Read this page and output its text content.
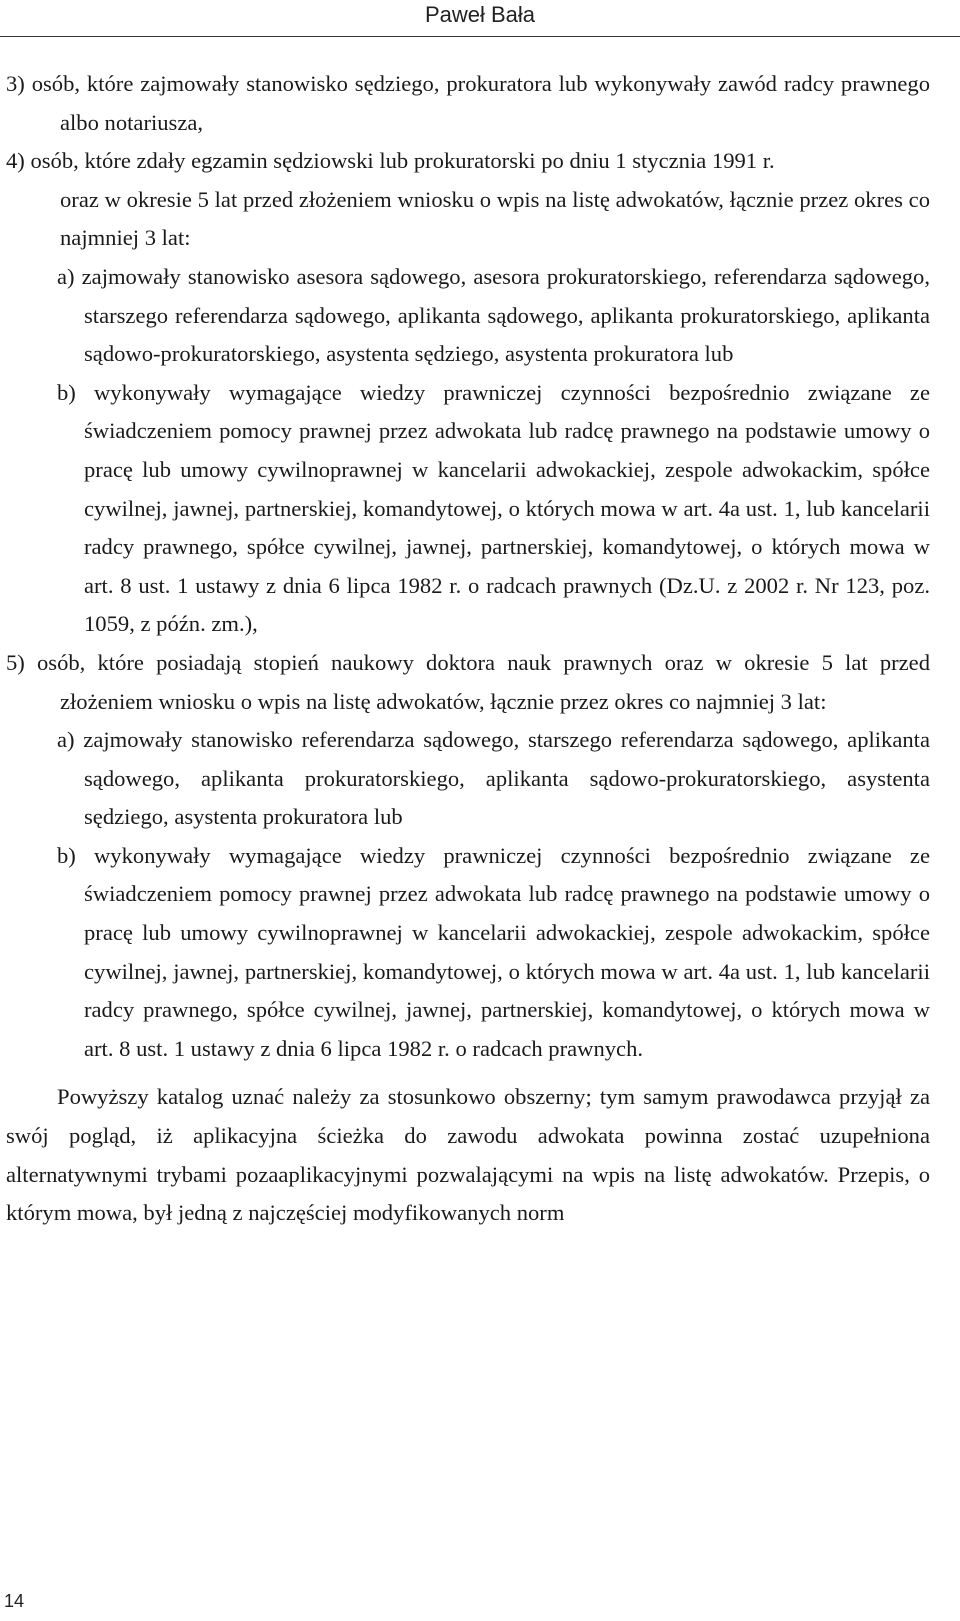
Paweł Bała

3) osób, które zajmowały stanowisko sędziego, prokuratora lub wykonywały zawód radcy prawnego albo notariusza,

4) osób, które zdały egzamin sędziowski lub prokuratorski po dniu 1 stycznia 1991 r.

oraz w okresie 5 lat przed złożeniem wniosku o wpis na listę adwokatów, łącznie przez okres co najmniej 3 lat:

a) zajmowały stanowisko asesora sądowego, asesora prokuratorskiego, referendarza sądowego, starszego referendarza sądowego, aplikanta sądowego, aplikanta prokuratorskiego, aplikanta sądowo-prokuratorskiego, asystenta sędziego, asystenta prokuratora lub

b) wykonywały wymagające wiedzy prawniczej czynności bezpośrednio związane ze świadczeniem pomocy prawnej przez adwokata lub radcę prawnego na podstawie umowy o pracę lub umowy cywilnoprawnej w kancelarii adwokackiej, zespole adwokackim, spółce cywilnej, jawnej, partnerskiej, komandytowej, o których mowa w art. 4a ust. 1, lub kancelarii radcy prawnego, spółce cywilnej, jawnej, partnerskiej, komandytowej, o których mowa w art. 8 ust. 1 ustawy z dnia 6 lipca 1982 r. o radcach prawnych (Dz.U. z 2002 r. Nr 123, poz. 1059, z późn. zm.),

5) osób, które posiadają stopień naukowy doktora nauk prawnych oraz w okresie 5 lat przed złożeniem wniosku o wpis na listę adwokatów, łącznie przez okres co najmniej 3 lat:

a) zajmowały stanowisko referendarza sądowego, starszego referendarza sądowego, aplikanta sądowego, aplikanta prokuratorskiego, aplikanta sądowo-prokuratorskiego, asystenta sędziego, asystenta prokuratora lub

b) wykonywały wymagające wiedzy prawniczej czynności bezpośrednio związane ze świadczeniem pomocy prawnej przez adwokata lub radcę prawnego na podstawie umowy o pracę lub umowy cywilnoprawnej w kancelarii adwokackiej, zespole adwokackim, spółce cywilnej, jawnej, partnerskiej, komandytowej, o których mowa w art. 4a ust. 1, lub kancelarii radcy prawnego, spółce cywilnej, jawnej, partnerskiej, komandytowej, o których mowa w art. 8 ust. 1 ustawy z dnia 6 lipca 1982 r. o radcach prawnych.

Powyższy katalog uznać należy za stosunkowo obszerny; tym samym prawodawca przyjął za swój pogląd, iż aplikacyjna ścieżka do zawodu adwokata powinna zostać uzupełniona alternatywnymi trybami pozaaplikacyjnymi pozwalającymi na wpis na listę adwokatów. Przepis, o którym mowa, był jedną z najczęściej modyfikowanych norm

14
